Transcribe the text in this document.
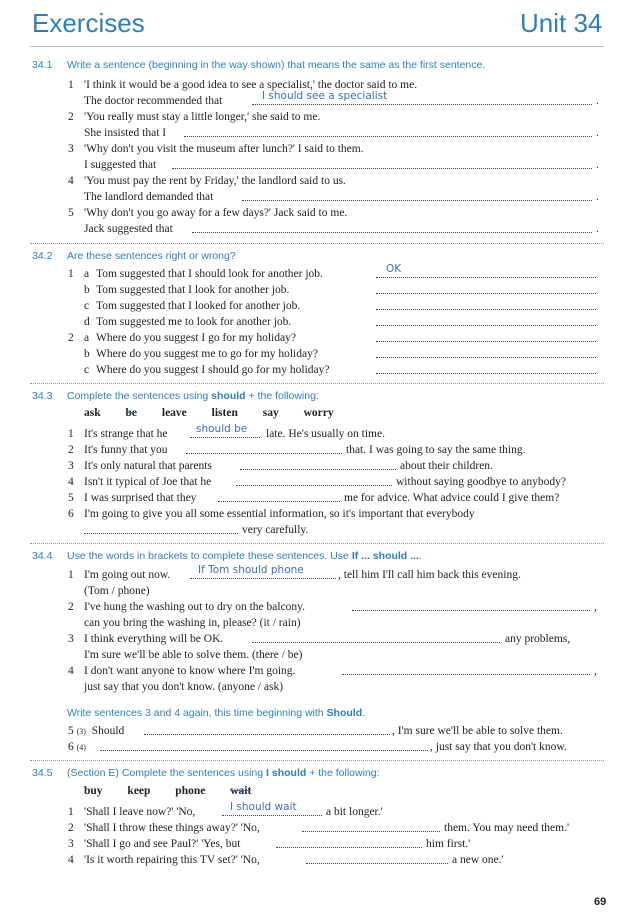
Exercises	Unit 34
34.1 Write a sentence (beginning in the way shown) that means the same as the first sentence.
1 'I think it would be a good idea to see a specialist,' the doctor said to me.
The doctor recommended that	I should see a specialist	.
2 'You really must stay a little longer,' she said to me.
She insisted that I	.
3 'Why don't you visit the museum after lunch?' I said to them.
I suggested that	.
4 'You must pay the rent by Friday,' the landlord said to us.
The landlord demanded that	.
5 'Why don't you go away for a few days?' Jack said to me.
Jack suggested that	.
34.2 Are these sentences right or wrong?
1 a Tom suggested that I should look for another job.	OK
b Tom suggested that I look for another job.
c Tom suggested that I looked for another job.
d Tom suggested me to look for another job.
2 a Where do you suggest I go for my holiday?
b Where do you suggest me to go for my holiday?
c Where do you suggest I should go for my holiday?
34.3 Complete the sentences using should + the following:
ask be leave listen say worry
1 It's strange that he	should be late. He's usually on time.
2 It's funny that you	that. I was going to say the same thing.
3 It's only natural that parents	about their children.
4 Isn't it typical of Joe that he	without saying goodbye to anybody?
5 I was surprised that they	me for advice. What advice could I give them?
6 I'm going to give you all some essential information, so it's important that everybody
very carefully.
34.4 Use the words in brackets to complete these sentences. Use If ... should ....
1 I'm going out now.	If Tom should phone	, tell him I'll call him back this evening.
(Tom / phone)
2 I've hung the washing out to dry on the balcony.	,
can you bring the washing in, please? (it / rain)
3 I think everything will be OK.	any problems,
I'm sure we'll be able to solve them. (there / be)
4 I don't want anyone to know where I'm going.	,
just say that you don't know. (anyone / ask)
Write sentences 3 and 4 again, this time beginning with Should.
5 (3) Should	, I'm sure we'll be able to solve them.
6 (4)	, just say that you don't know.
34.5 (Section E) Complete the sentences using I should + the following:
buy keep phone wait
1 'Shall I leave now?' 'No,	I should wait	a bit longer.'
2 'Shall I throw these things away?' 'No,	them. You may need them.'
3 'Shall I go and see Paul?' 'Yes, but	him first.'
4 'Is it worth repairing this TV set?' 'No,	a new one.'
69
